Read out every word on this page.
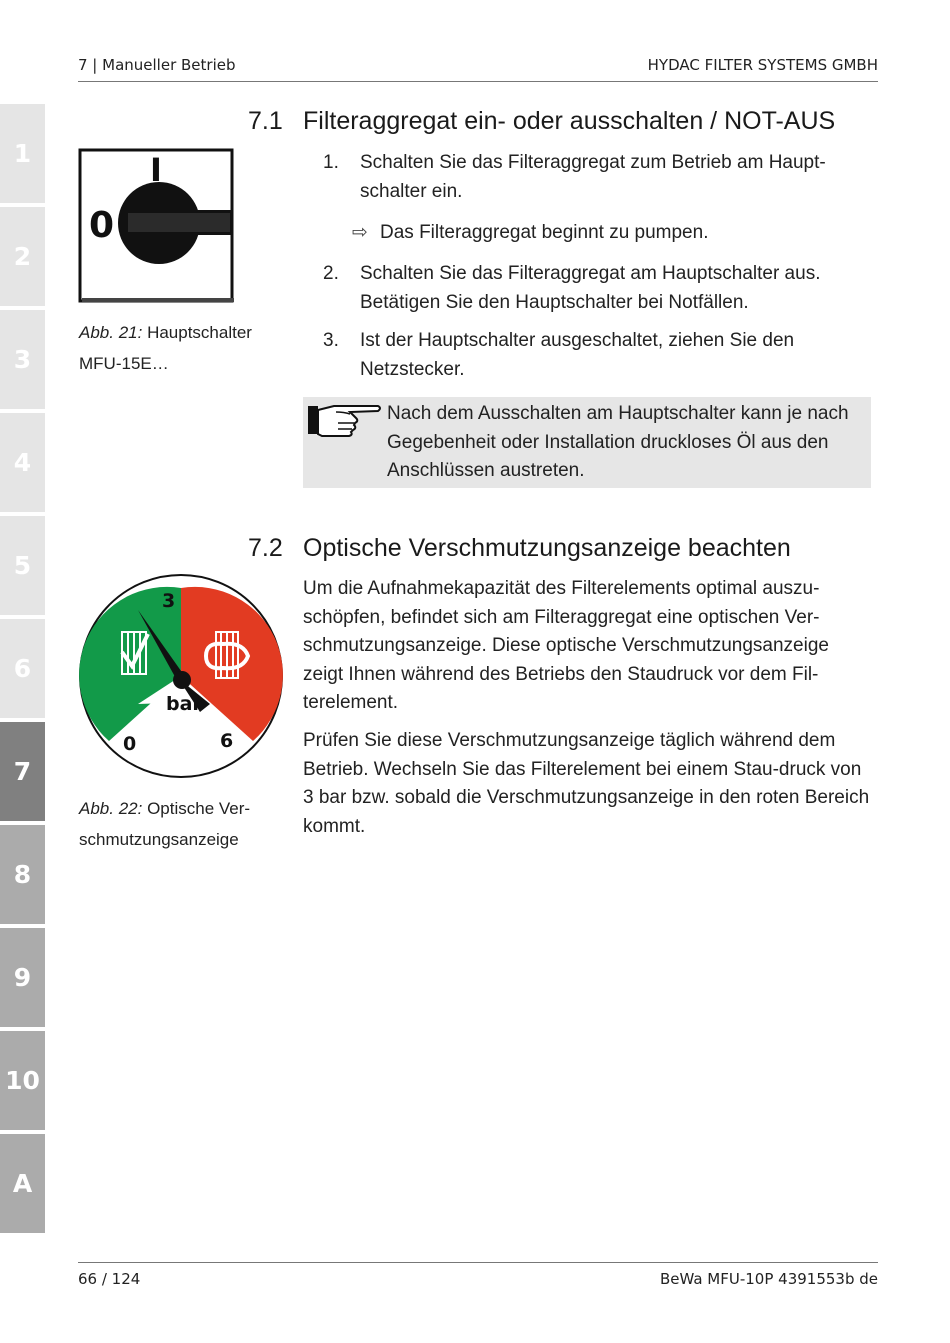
7 | Manueller Betrieb	HYDAC FILTER SYSTEMS GMBH
1
2
3
4
5
6
7
8
9
10
A
7.1 Filteraggregat ein- oder ausschalten / NOT-AUS
0
I
Abb. 21: Hauptschalter MFU-15E…
1. Schalten Sie das Filteraggregat zum Betrieb am Haupt-schalter ein.
⇨ Das Filteraggregat beginnt zu pumpen.
2. Schalten Sie das Filteraggregat am Hauptschalter aus. Betätigen Sie den Hauptschalter bei Notfällen.
3. Ist der Hauptschalter ausgeschaltet, ziehen Sie den Netzstecker.
Nach dem Ausschalten am Hauptschalter kann je nach Gegebenheit oder Installation druckloses Öl aus den Anschlüssen austreten.
7.2 Optische Verschmutzungsanzeige beachten
3
0	6
bar
Abb. 22: Optische Ver-schmutzungsanzeige
Um die Aufnahmekapazität des Filterelements optimal auszu-schöpfen, befindet sich am Filteraggregat eine optischen Ver-schmutzungsanzeige. Diese optische Verschmutzungsanzeige zeigt Ihnen während des Betriebs den Staudruck vor dem Fil-terelement.
Prüfen Sie diese Verschmutzungsanzeige täglich während dem Betrieb. Wechseln Sie das Filterelement bei einem Stau-druck von 3 bar bzw. sobald die Verschmutzungsanzeige in den roten Bereich kommt.
66 / 124	BeWa MFU-10P 4391553b de
